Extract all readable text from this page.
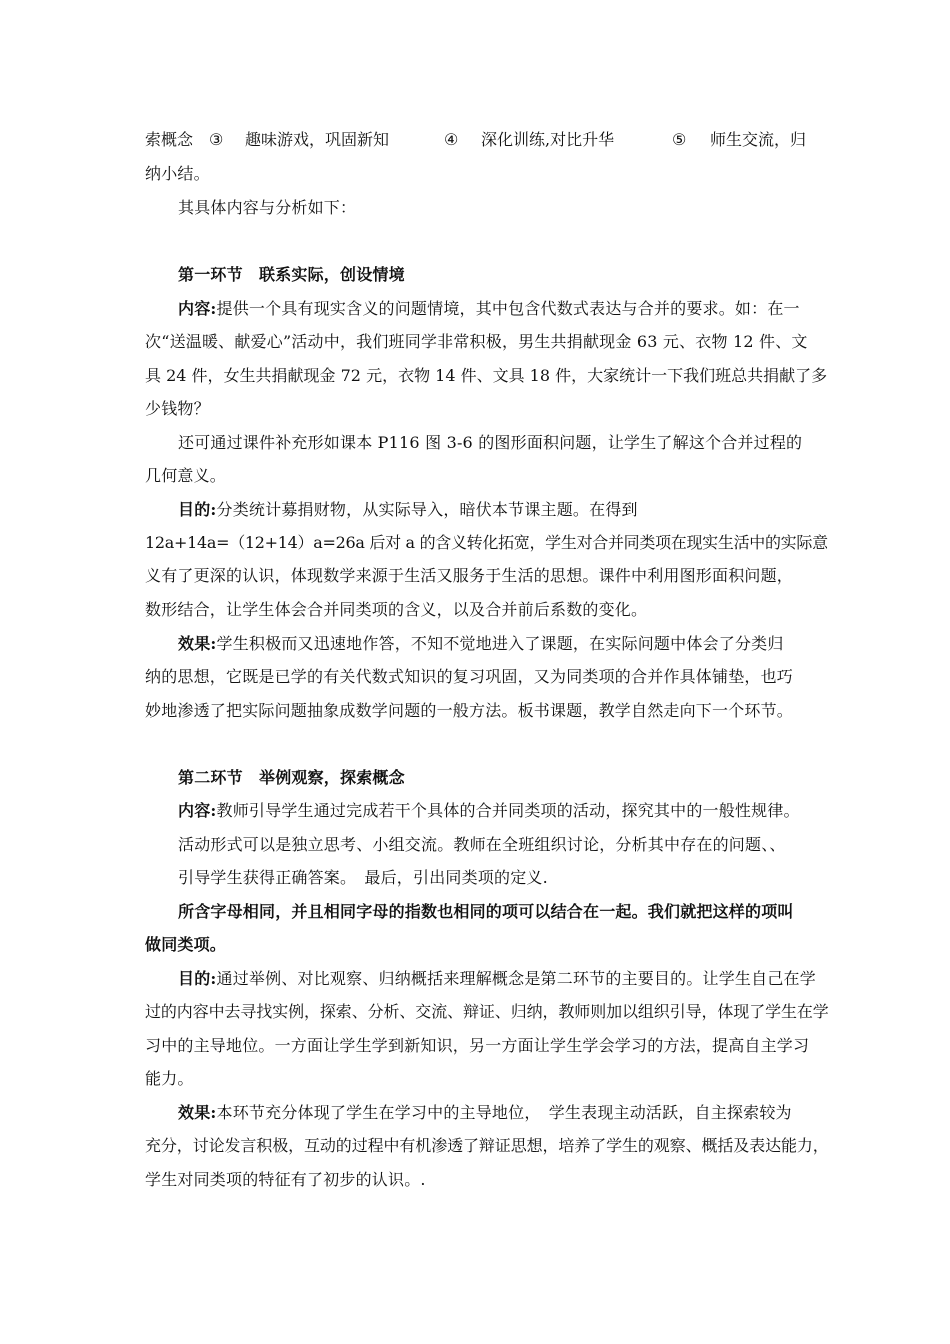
索概念 ③ 趣味游戏，巩固新知	④ 深化训练,对比升华	⑤ 师生交流，归
纳小结。
其具体内容与分析如下：
第一环节　联系实际，创设情境
内容:提供一个具有现实含义的问题情境，其中包含代数式表达与合并的要求。如：在一
次“送温暖、献爱心”活动中，我们班同学非常积极，男生共捐献现金 63 元、衣物 12 件、文
具 24 件，女生共捐献现金 72 元，衣物 14 件、文具 18 件，大家统计一下我们班总共捐献了多
少钱物？
还可通过课件补充形如课本 P116 图 3-6 的图形面积问题，让学生了解这个合并过程的
几何意义。
目的:分类统计募捐财物，从实际导入，暗伏本节课主题。在得到
12a+14a=（12+14）a=26a 后对 a 的含义转化拓宽，学生对合并同类项在现实生活中的实际意
义有了更深的认识，体现数学来源于生活又服务于生活的思想。课件中利用图形面积问题，
数形结合，让学生体会合并同类项的含义，以及合并前后系数的变化。
效果:学生积极而又迅速地作答，不知不觉地进入了课题，在实际问题中体会了分类归
纳的思想，它既是已学的有关代数式知识的复习巩固，又为同类项的合并作具体铺垫，也巧
妙地渗透了把实际问题抽象成数学问题的一般方法。板书课题，教学自然走向下一个环节。
第二环节　举例观察，探索概念
内容:教师引导学生通过完成若干个具体的合并同类项的活动，探究其中的一般性规律。
活动形式可以是独立思考、小组交流。教师在全班组织讨论，分析其中存在的问题、、
引导学生获得正确答案。　最后，引出同类项的定义.
所含字母相同，并且相同字母的指数也相同的项可以结合在一起。我们就把这样的项叫
做同类项。
目的:通过举例、对比观察、归纳概括来理解概念是第二环节的主要目的。让学生自己在学
过的内容中去寻找实例，探索、分析、交流、辩证、归纳，教师则加以组织引导，体现了学生在学
习中的主导地位。一方面让学生学到新知识，另一方面让学生学会学习的方法，提高自主学习
能力。
效果:本环节充分体现了学生在学习中的主导地位，　学生表现主动活跃，自主探索较为
充分，讨论发言积极，互动的过程中有机渗透了辩证思想，培养了学生的观察、概括及表达能力，
学生对同类项的特征有了初步的认识。.
